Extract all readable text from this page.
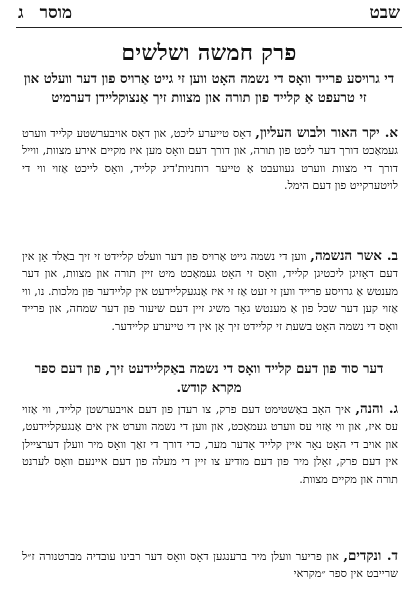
שבט
מוסר
ג
פרק חמשה ושלשים
די גרויסע פרייד וואָס די נשמה האָט ווען זי גייט אַרויס פון דער וועלט און זי טרעפט אַ קלייד פון תורה און מצוות זיך אַנצוקליידן דערמיט
א. יקר האור ולבוש העליון, דאָס טייערע ליכט, און דאָס אויבערשטע קלייד ווערט געמאַכט דורך דער ליכט פון תורה, און דורך דעם וואָס מען איז מקיים אירע מצוות, ווייל דורך די מצוות ווערט געוועבט אַ טייער רוחניות'דיג קלייד, וואָס לייכט אַזוי ווי די לויטערקייט פון דעם הימל.
ב. אשר הנשמה, ווען די נשמה גייט אַרויס פון דער וועלט קליידט זי זיך באַלד אָן אין דעם דאָזיגן ליכטיגן קלייד, וואָס זי האָט געמאַכט מיט זיין תורה און מצוות, און דער מענטש אַ גרויסע פרייד ווען זי זעט אַז זי איז אַנגעקליידעט אין קליידער פון מלכות. נו, ווי אַזוי קען דער שכל פון אַ מענטש גאָר משיג זיין דעם שיעור פון דער שמחה, און פרייד וואָס די נשמה האָט בשעת זי קליידט זיך אָן אין די טייערע קליידער.
דער סוד פון דעם קלייד וואָס די נשמה באַקליידעט זיך, פון דעם ספר מקרא קודש.
ג. והנה, איך האָב באַשטימט דעם פרק, צו רעדן פון דעם אויבערשטן קלייד, ווי אַזוי עס איז, און ווי אַזוי עס ווערט געמאַכט, און ווען די נשמה ווערט אין אים אַנגעקליידעט, און אויב די האָט נאָר איין קלייד אָדער מער, כדי דורך די זאַך וואָס מיר וועלן דערציילן אין דעם פרק, זאָלן מיר פון דעם מודיע צו זיין די מעלה פון דעם איינעם וואָס לערנט תורה און מקיים מצוות.
ד. ונקדים, און פריער וועלן מיר ברענגען דאָס וואָס דער רבינו עובדיה מברטנורה ז״ל שרייבט אין ספר ״מקראי
